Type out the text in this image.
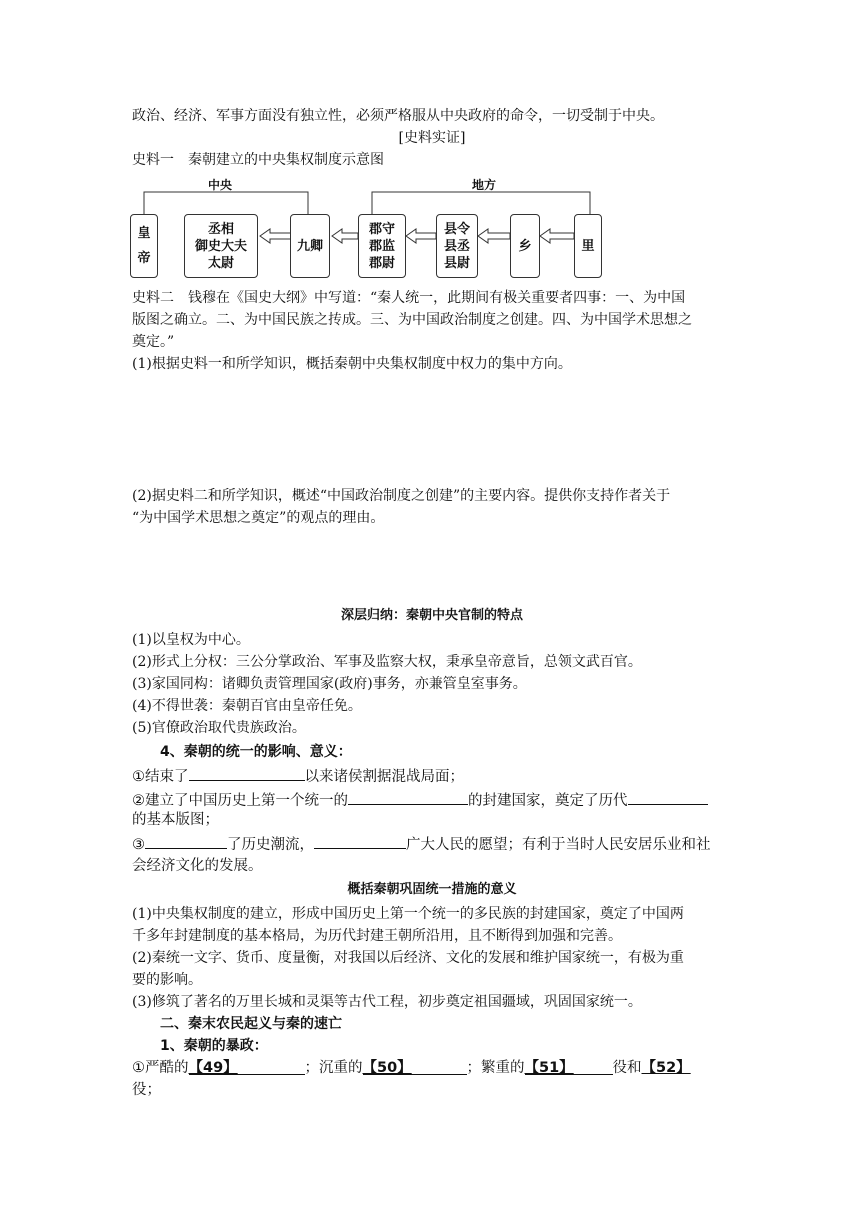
政治、经济、军事方面没有独立性，必须严格服从中央政府的命令，一切受制于中央。
[史料实证]
史料一　秦朝建立的中央集权制度示意图
中央	地方
皇
帝
丞相
御史大夫
太尉
九卿
郡守
郡监
郡尉
县令
县丞
县尉
乡	里
史料二　钱穆在《国史大纲》中写道：“秦人统一，此期间有极关重要者四事：一、为中国
版图之确立。二、为中国民族之抟成。三、为中国政治制度之创建。四、为中国学术思想之
奠定。”
(1)根据史料一和所学知识，概括秦朝中央集权制度中权力的集中方向。
(2)据史料二和所学知识，概述“中国政治制度之创建”的主要内容。提供你支持作者关于
“为中国学术思想之奠定”的观点的理由。
深层归纳：秦朝中央官制的特点
(1)以皇权为中心。
(2)形式上分权：三公分掌政治、军事及监察大权，秉承皇帝意旨，总领文武百官。
(3)家国同构：诸卿负责管理国家(政府)事务，亦兼管皇室事务。
(4)不得世袭：秦朝百官由皇帝任免。
(5)官僚政治取代贵族政治。
4、秦朝的统一的影响、意义：
①结束了	以来诸侯割据混战局面；
②建立了中国历史上第一个统一的	的封建国家，奠定了历代
的基本版图；
③	了历史潮流，	广大人民的愿望；有利于当时人民安居乐业和社
会经济文化的发展。
概括秦朝巩固统一措施的意义
(1)中央集权制度的建立，形成中国历史上第一个统一的多民族的封建国家，奠定了中国两
千多年封建制度的基本格局，为历代封建王朝所沿用，且不断得到加强和完善。
(2)秦统一文字、货币、度量衡，对我国以后经济、文化的发展和维护国家统一，有极为重
要的影响。
(3)修筑了著名的万里长城和灵渠等古代工程，初步奠定祖国疆域，巩固国家统一。
二、秦末农民起义与秦的速亡
1、秦朝的暴政：
①严酷的【49】	；沉重的【50】	；繁重的【51】	役和【52】
役；
